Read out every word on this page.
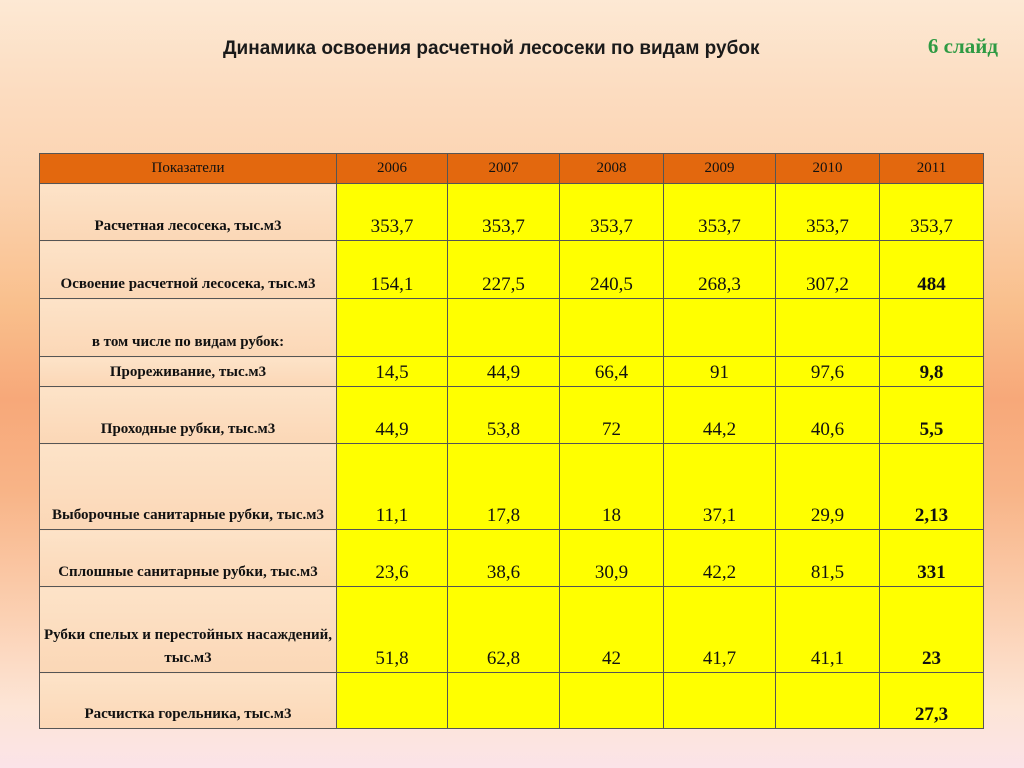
Динамика освоения расчетной лесосеки по видам рубок	6 слайд
Показатели	2006	2007	2008	2009	2010	2011
Расчетная лесосека, тыс.м3	353,7	353,7	353,7	353,7	353,7	353,7
Освоение расчетной лесосека, тыс.м3	154,1	227,5	240,5	268,3	307,2	484
в том числе по видам рубок:						
Прореживание, тыс.м3	14,5	44,9	66,4	91	97,6	9,8
Проходные рубки, тыс.м3	44,9	53,8	72	44,2	40,6	5,5
Выборочные санитарные рубки, тыс.м3	11,1	17,8	18	37,1	29,9	2,13
Сплошные санитарные рубки, тыс.м3	23,6	38,6	30,9	42,2	81,5	331
Рубки спелых и перестойных насаждений, тыс.м3	51,8	62,8	42	41,7	41,1	23
Расчистка горельника, тыс.м3						27,3
